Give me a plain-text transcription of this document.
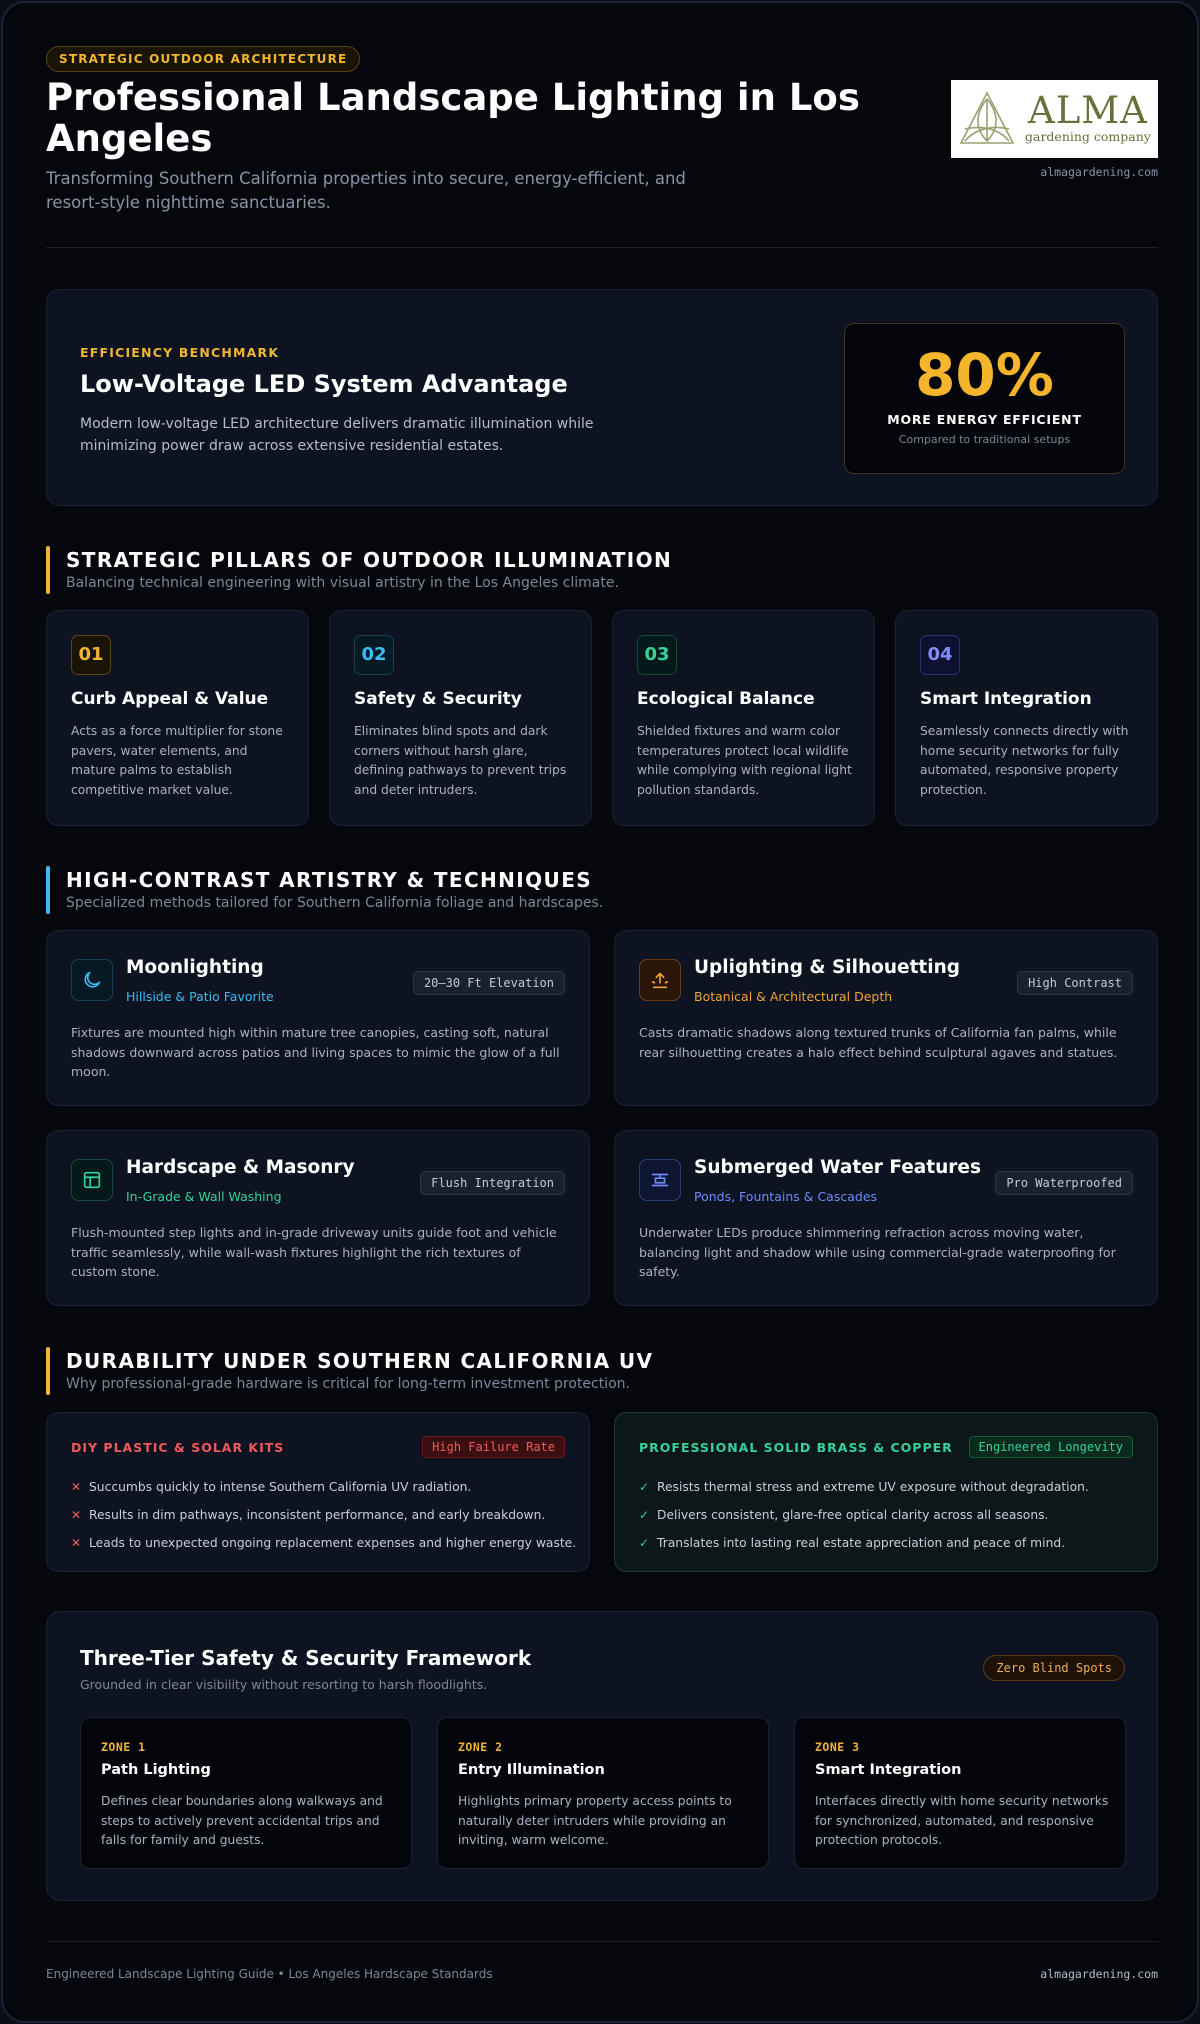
STRATEGIC OUTDOOR ARCHITECTURE
Professional Landscape Lighting in Los Angeles

Transforming Southern California properties into secure, energy-efficient, and resort-style nighttime sanctuaries.

ALMA
gardening company
almagardening.com
EFFICIENCY BENCHMARK
Low-Voltage LED System Advantage

Modern low-voltage LED architecture delivers dramatic illumination while minimizing power draw across extensive residential estates.

80%
MORE ENERGY EFFICIENT
Compared to traditional setups
STRATEGIC PILLARS OF OUTDOOR ILLUMINATION

Balancing technical engineering with visual artistry in the Los Angeles climate.

01
Curb Appeal & Value

Acts as a force multiplier for stone pavers, water elements, and mature palms to establish competitive market value.

02
Safety & Security

Eliminates blind spots and dark corners without harsh glare, defining pathways to prevent trips and deter intruders.

03
Ecological Balance

Shielded fixtures and warm color temperatures protect local wildlife while complying with regional light pollution standards.

04
Smart Integration

Seamlessly connects directly with home security networks for fully automated, responsive property protection.

HIGH-CONTRAST ARTISTRY & TECHNIQUES

Specialized methods tailored for Southern California foliage and hardscapes.

Moonlighting
Hillside & Patio Favorite
20–30 Ft Elevation

Fixtures are mounted high within mature tree canopies, casting soft, natural shadows downward across patios and living spaces to mimic the glow of a full moon.

Uplighting & Silhouetting
Botanical & Architectural Depth
High Contrast

Casts dramatic shadows along textured trunks of California fan palms, while rear silhouetting creates a halo effect behind sculptural agaves and statues.

Hardscape & Masonry
In-Grade & Wall Washing
Flush Integration

Flush-mounted step lights and in-grade driveway units guide foot and vehicle traffic seamlessly, while wall-wash fixtures highlight the rich textures of custom stone.

Submerged Water Features
Ponds, Fountains & Cascades
Pro Waterproofed

Underwater LEDs produce shimmering refraction across moving water, balancing light and shadow while using commercial-grade waterproofing for safety.

DURABILITY UNDER SOUTHERN CALIFORNIA UV

Why professional-grade hardware is critical for long-term investment protection.

DIY PLASTIC & SOLAR KITS	High Failure Rate
✕ Succumbs quickly to intense Southern California UV radiation.
✕ Results in dim pathways, inconsistent performance, and early breakdown.
✕ Leads to unexpected ongoing replacement expenses and higher energy waste.
PROFESSIONAL SOLID BRASS & COPPER	Engineered Longevity
✓ Resists thermal stress and extreme UV exposure without degradation.
✓ Delivers consistent, glare-free optical clarity across all seasons.
✓ Translates into lasting real estate appreciation and peace of mind.
Three-Tier Safety & Security Framework

Grounded in clear visibility without resorting to harsh floodlights.

Zero Blind Spots
ZONE 1
Path Lighting

Defines clear boundaries along walkways and steps to actively prevent accidental trips and falls for family and guests.

ZONE 2
Entry Illumination

Highlights primary property access points to naturally deter intruders while providing an inviting, warm welcome.

ZONE 3
Smart Integration

Interfaces directly with home security networks for synchronized, automated, and responsive protection protocols.

Engineered Landscape Lighting Guide • Los Angeles Hardscape Standards	almagardening.com
